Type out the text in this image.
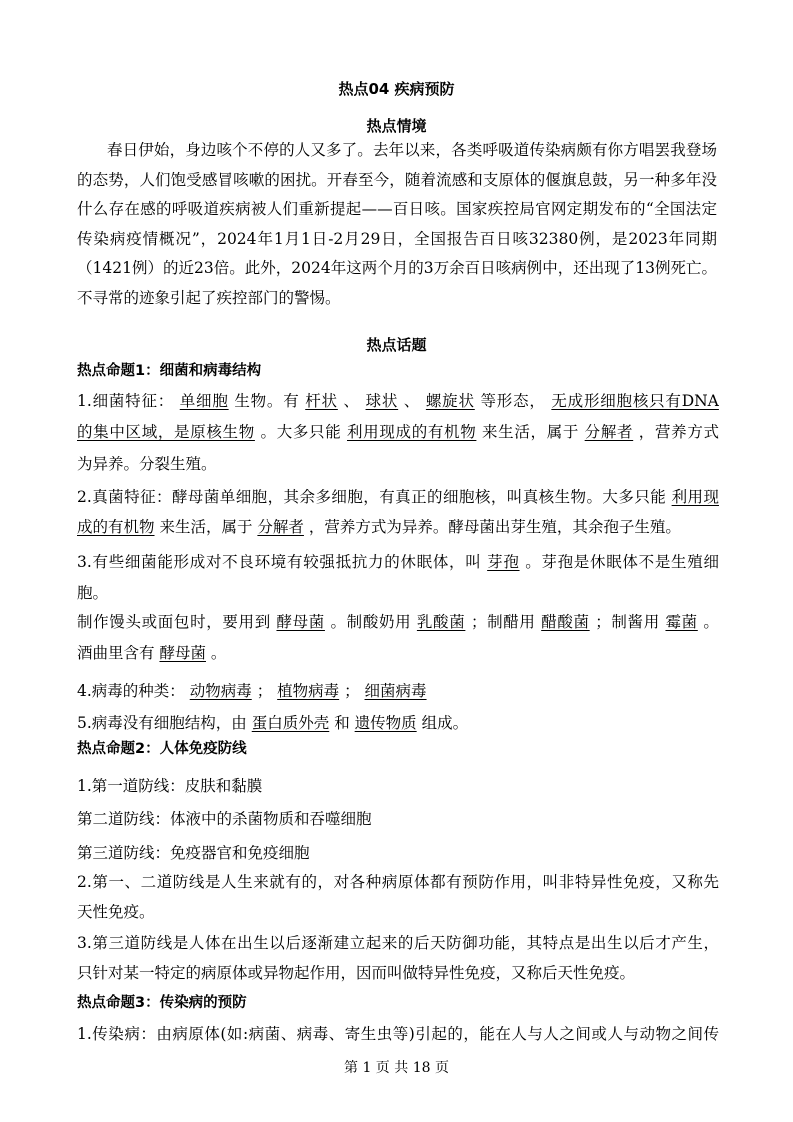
热点04 疾病预防
热点情境
春日伊始，身边咳个不停的人又多了。去年以来，各类呼吸道传染病颇有你方唱罢我登场的态势，人们饱受感冒咳嗽的困扰。开春至今，随着流感和支原体的偃旗息鼓，另一种多年没什么存在感的呼吸道疾病被人们重新提起——百日咳。国家疾控局官网定期发布的“全国法定传染病疫情概况”，2024年1月1日-2月29日，全国报告百日咳32380例，是2023年同期（1421例）的近23倍。此外，2024年这两个月的3万余百日咳病例中，还出现了13例死亡。不寻常的迹象引起了疾控部门的警惕。
热点话题
热点命题1：细菌和病毒结构
1.细菌特征： 单细胞 生物。有 杆状 、 球状 、 螺旋状 等形态， 无成形细胞核只有DNA
的集中区域，是原核生物 。大多只能 利用现成的有机物 来生活，属于 分解者 ，营养方式
为异养。分裂生殖。
2.真菌特征：酵母菌单细胞，其余多细胞，有真正的细胞核，叫真核生物。大多只能 利用现
成的有机物 来生活，属于 分解者 ，营养方式为异养。酵母菌出芽生殖，其余孢子生殖。
3.有些细菌能形成对不良环境有较强抵抗力的休眠体，叫 芽孢 。芽孢是休眠体不是生殖细
胞。
制作馒头或面包时，要用到 酵母菌 。制酸奶用 乳酸菌 ；制醋用 醋酸菌 ；制酱用 霉菌 。
酒曲里含有 酵母菌 。
4.病毒的种类： 动物病毒 ； 植物病毒 ； 细菌病毒
5.病毒没有细胞结构，由 蛋白质外壳 和 遗传物质 组成。
热点命题2：人体免疫防线
1.第一道防线：皮肤和黏膜
第二道防线：体液中的杀菌物质和吞噬细胞
第三道防线：免疫器官和免疫细胞
2.第一、二道防线是人生来就有的，对各种病原体都有预防作用，叫非特异性免疫，又称先
天性免疫。
3.第三道防线是人体在出生以后逐渐建立起来的后天防御功能，其特点是出生以后才产生，
只针对某一特定的病原体或异物起作用，因而叫做特异性免疫，又称后天性免疫。
热点命题3：传染病的预防
1.传染病：由病原体(如:病菌、病毒、寄生虫等)引起的，能在人与人之间或人与动物之间传
第 1 页 共 18 页
